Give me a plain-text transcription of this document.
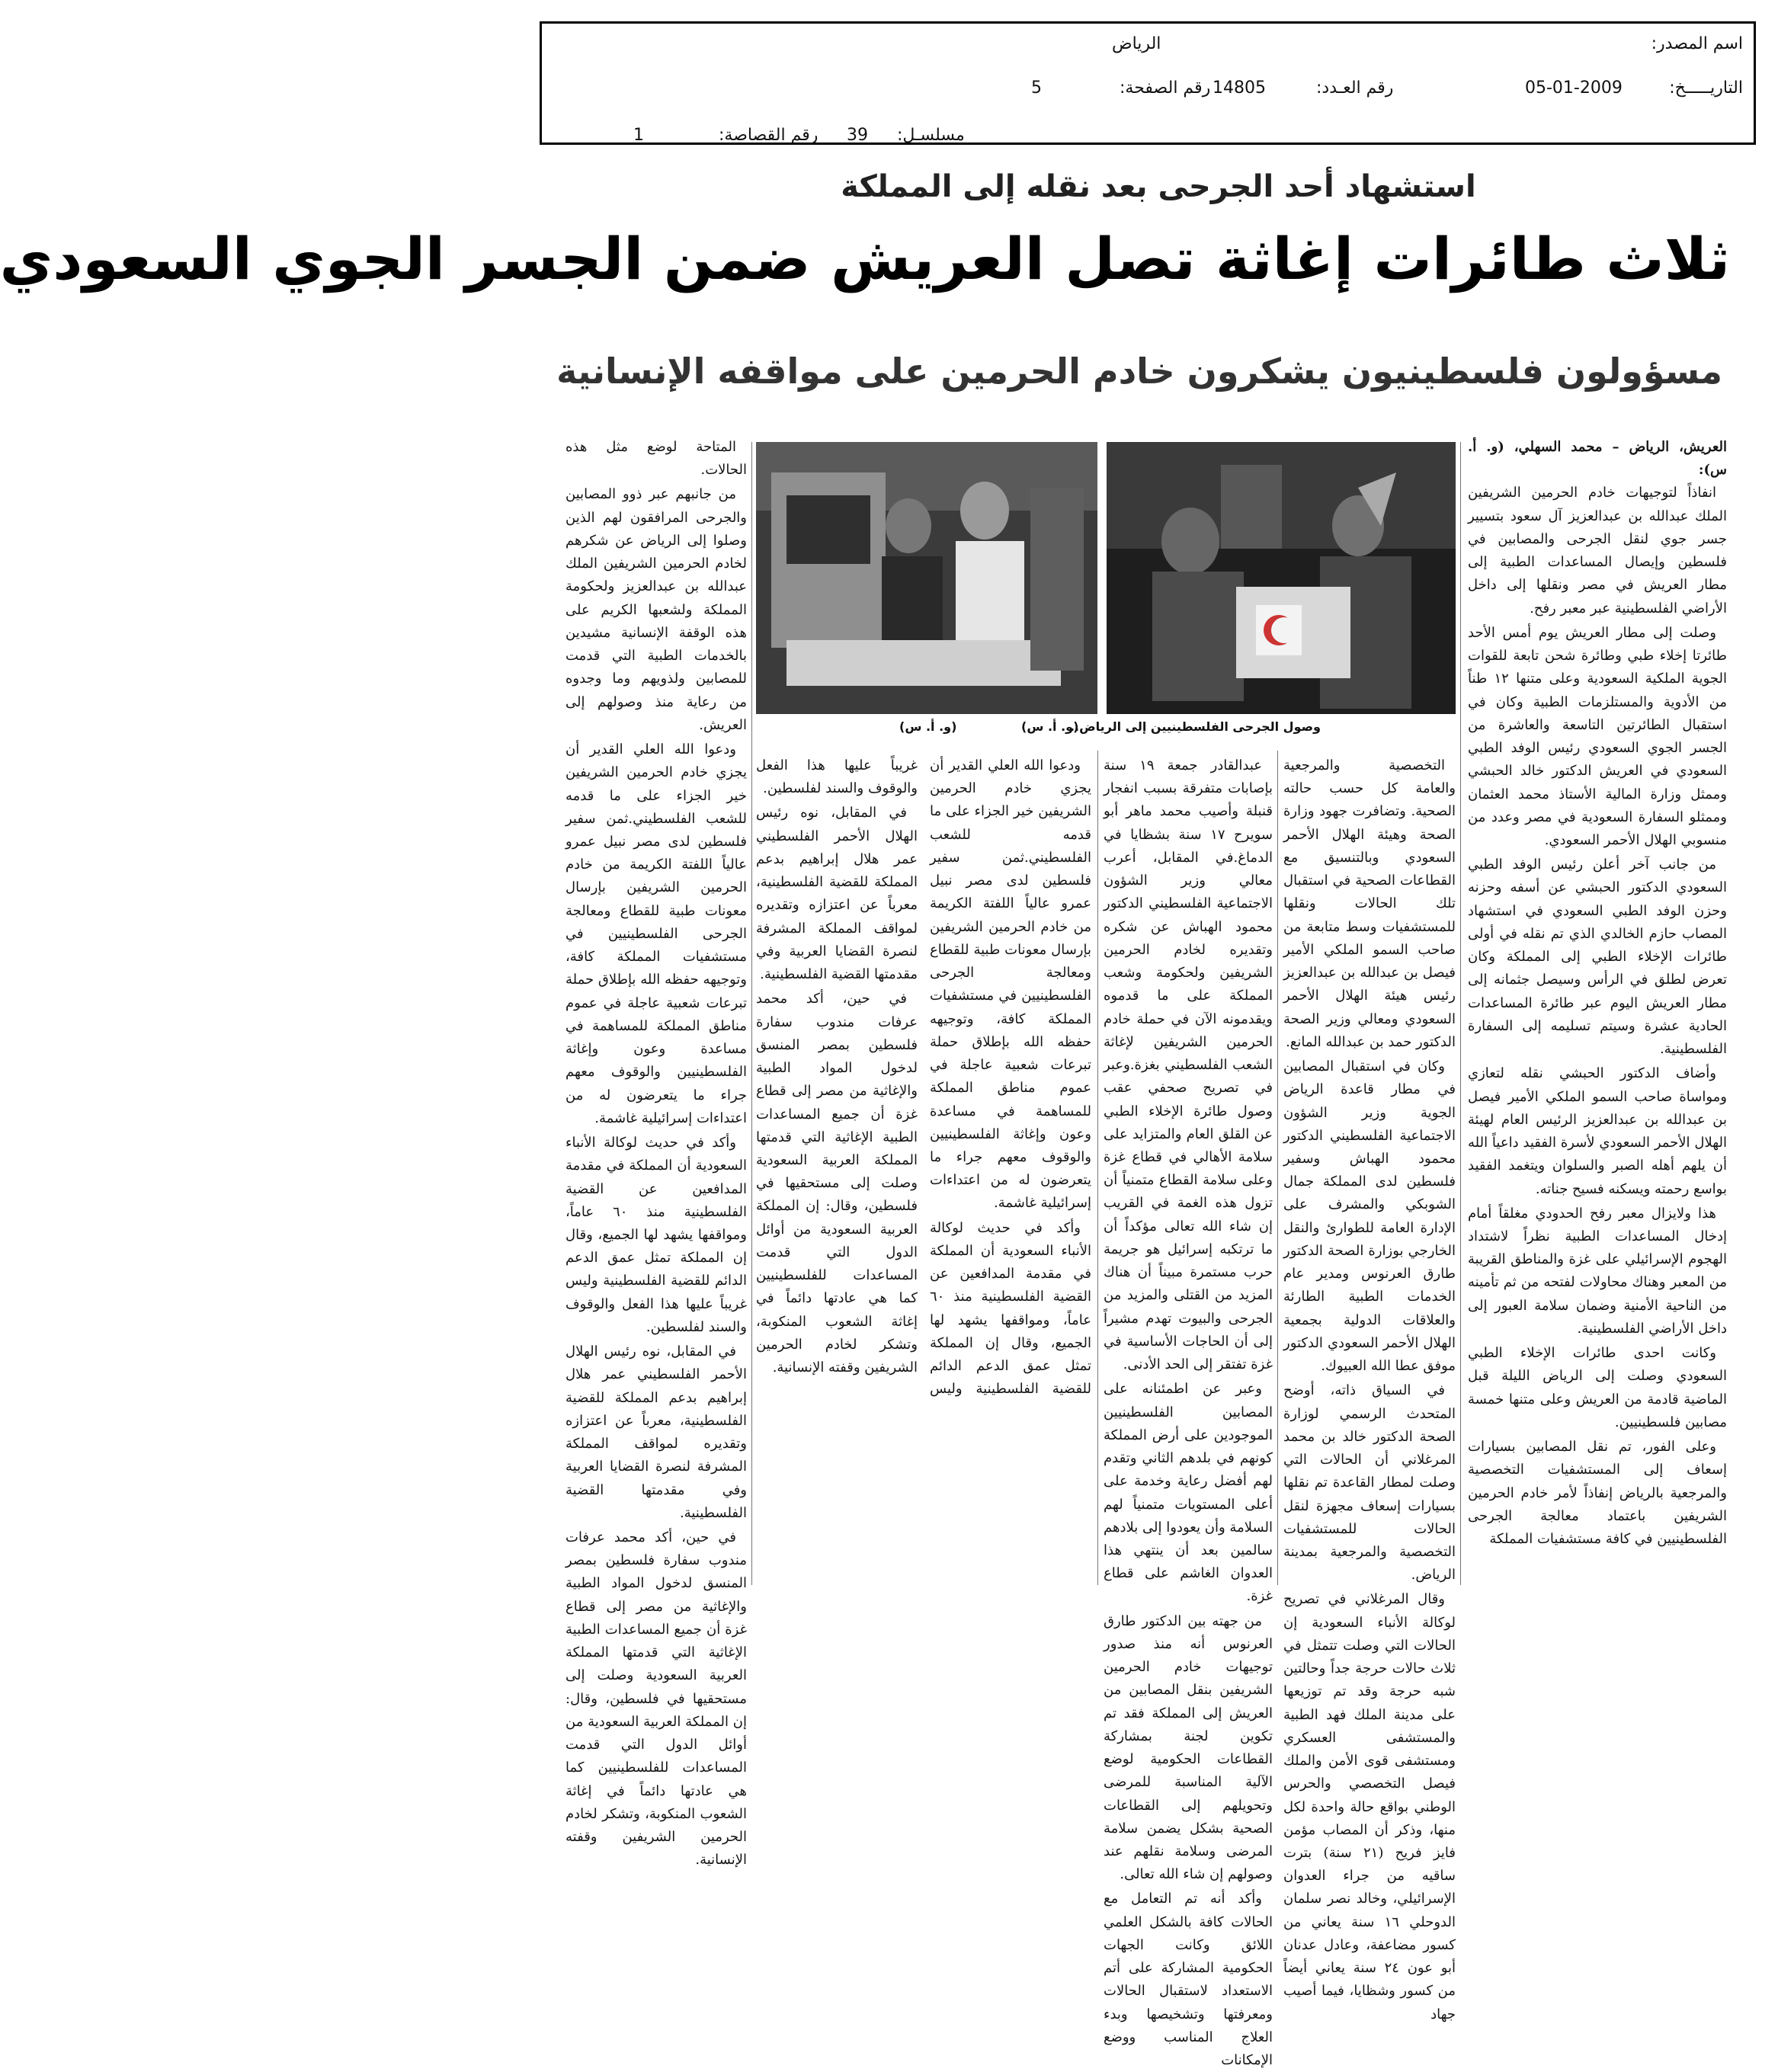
اسم المصدر:
الرياض
التاريـــــخ:
05-01-2009
رقم العـدد:
14805
رقم الصفحة:
5
مسلسـل:
39
رقم القصاصة:
1
استشهاد أحد الجرحى بعد نقله إلى المملكة
ثلاث طائرات إغاثة تصل العريش ضمن الجسر الجوي السعودي
مسؤولون فلسطينيون يشكرون خادم الحرمين على مواقفه الإنسانية
وصول الجرحى الفلسطينيين إلى الرياض..
(و. أ. س)
(و. أ. س)
العريش، الرياض – محمد السهلي، (و. أ. س):

انفاذاً لتوجيهات خادم الحرمين الشريفين الملك عبدالله بن عبدالعزيز آل سعود بتسيير جسر جوي لنقل الجرحى والمصابين في فلسطين وإيصال المساعدات الطبية إلى مطار العريش في مصر ونقلها إلى داخل الأراضي الفلسطينية عبر معبر رفح.

وصلت إلى مطار العريش يوم أمس الأحد طائرتا إخلاء طبي وطائرة شحن تابعة للقوات الجوية الملكية السعودية وعلى متنها ١٢ طناً من الأدوية والمستلزمات الطبية وكان في استقبال الطائرتين التاسعة والعاشرة من الجسر الجوي السعودي رئيس الوفد الطبي السعودي في العريش الدكتور خالد الحبشي وممثل وزارة المالية الأستاذ محمد العثمان وممثلو السفارة السعودية في مصر وعدد من منسوبي الهلال الأحمر السعودي.

من جانب آخر أعلن رئيس الوفد الطبي السعودي الدكتور الحبشي عن أسفه وحزنه وحزن الوفد الطبي السعودي في استشهاد المصاب حازم الخالدي الذي تم نقله في أولى طائرات الإخلاء الطبي إلى المملكة وكان تعرض لطلق في الرأس وسيصل جثمانه إلى مطار العريش اليوم عبر طائرة المساعدات الحادية عشرة وسيتم تسليمه إلى السفارة الفلسطينية.

وأضاف الدكتور الحبشي نقله لتعازي ومواساة صاحب السمو الملكي الأمير فيصل بن عبدالله بن عبدالعزيز الرئيس العام لهيئة الهلال الأحمر السعودي لأسرة الفقيد داعياً الله أن يلهم أهله الصبر والسلوان ويتغمد الفقيد بواسع رحمته ويسكنه فسيح جناته.

هذا ولايزال معبر رفح الحدودي مغلقاً أمام إدخال المساعدات الطبية نظراً لاشتداد الهجوم الإسرائيلي على غزة والمناطق القريبة من المعبر وهناك محاولات لفتحه من ثم تأمينه من الناحية الأمنية وضمان سلامة العبور إلى داخل الأراضي الفلسطينية.

وكانت احدى طائرات الإخلاء الطبي السعودي وصلت إلى الرياض الليلة قبل الماضية قادمة من العريش وعلى متنها خمسة مصابين فلسطينيين.

وعلى الفور، تم نقل المصابين بسيارات إسعاف إلى المستشفيات التخصصية والمرجعية بالرياض إنفاذاً لأمر خادم الحرمين الشريفين باعتماد معالجة الجرحى الفلسطينيين في كافة مستشفيات المملكة

التخصصية والمرجعية والعامة كل حسب حالته الصحية. وتضافرت جهود وزارة الصحة وهيئة الهلال الأحمر السعودي وبالتنسيق مع القطاعات الصحية في استقبال تلك الحالات ونقلها للمستشفيات وسط متابعة من صاحب السمو الملكي الأمير فيصل بن عبدالله بن عبدالعزيز رئيس هيئة الهلال الأحمر السعودي ومعالي وزير الصحة الدكتور حمد بن عبدالله المانع.

وكان في استقبال المصابين في مطار قاعدة الرياض الجوية وزير الشؤون الاجتماعية الفلسطيني الدكتور محمود الهباش وسفير فلسطين لدى المملكة جمال الشوبكي والمشرف على الإدارة العامة للطوارئ والنقل الخارجي بوزارة الصحة الدكتور طارق العرنوس ومدير عام الخدمات الطبية الطارئة والعلاقات الدولية بجمعية الهلال الأحمر السعودي الدكتور موفق عطا الله العبيوك.

في السياق ذاته، أوضح المتحدث الرسمي لوزارة الصحة الدكتور خالد بن محمد المرغلاني أن الحالات التي وصلت لمطار القاعدة تم نقلها بسيارات إسعاف مجهزة لنقل الحالات للمستشفيات التخصصية والمرجعية بمدينة الرياض.

وقال المرغلاني في تصريح لوكالة الأنباء السعودية إن الحالات التي وصلت تتمثل في ثلاث حالات حرجة جداً وحالتين شبه حرجة وقد تم توزيعها على مدينة الملك فهد الطبية والمستشفى العسكري ومستشفى قوى الأمن والملك فيصل التخصصي والحرس الوطني بواقع حالة واحدة لكل منها، وذكر أن المصاب مؤمن فايز فريح (٢١ سنة) بترت ساقيه من جراء العدوان الإسرائيلي، وخالد نصر سلمان الدوحلي ١٦ سنة يعاني من كسور مضاعفة، وعادل عدنان أبو عون ٢٤ سنة يعاني أيضاً من كسور وشظايا، فيما أصيب جهاد

عبدالقادر جمعة ١٩ سنة بإصابات متفرقة بسبب انفجار قنبلة وأصيب محمد ماهر أبو سويرح ١٧ سنة بشظايا في الدماغ.في المقابل، أعرب معالي وزير الشؤون الاجتماعية الفلسطيني الدكتور محمود الهباش عن شكره وتقديره لخادم الحرمين الشريفين ولحكومة وشعب المملكة على ما قدموه ويقدمونه الآن في حملة خادم الحرمين الشريفين لإغاثة الشعب الفلسطيني بغزة.وعبر في تصريح صحفي عقب وصول طائرة الإخلاء الطبي عن القلق العام والمتزايد على سلامة الأهالي في قطاع غزة وعلى سلامة القطاع متمنياً أن تزول هذه الغمة في القريب إن شاء الله تعالى مؤكداً أن ما ترتكبه إسرائيل هو جريمة حرب مستمرة مبيناً أن هناك المزيد من القتلى والمزيد من الجرحى والبيوت تهدم مشيراً إلى أن الحاجات الأساسية في غزة تفتقر إلى الحد الأدنى.

وعبر عن اطمئنانه على المصابين الفلسطينيين الموجودين على أرض المملكة كونهم في بلدهم الثاني وتقدم لهم أفضل رعاية وخدمة على أعلى المستويات متمنياً لهم السلامة وأن يعودوا إلى بلادهم سالمين بعد أن ينتهي هذا العدوان الغاشم على قطاع غزة.

من جهته بين الدكتور طارق العرنوس أنه منذ صدور توجيهات خادم الحرمين الشريفين بنقل المصابين من العريش إلى المملكة فقد تم تكوين لجنة بمشاركة القطاعات الحكومية لوضع الآلية المناسبة للمرضى وتحويلهم إلى القطاعات الصحية بشكل يضمن سلامة المرضى وسلامة نقلهم عند وصولهم إن شاء الله تعالى.

وأكد أنه تم التعامل مع الحالات كافة بالشكل العلمي اللائق وكانت الجهات الحكومية المشاركة على أتم الاستعداد لاستقبال الحالات ومعرفتها وتشخيصها وبدء العلاج المناسب ووضع الإمكانات

المتاحة لوضع مثل هذه الحالات.

من جانبهم عبر ذوو المصابين والجرحى المرافقون لهم الذين وصلوا إلى الرياض عن شكرهم لخادم الحرمين الشريفين الملك عبدالله بن عبدالعزيز ولحكومة المملكة ولشعبها الكريم على هذه الوقفة الإنسانية مشيدين بالخدمات الطبية التي قدمت للمصابين ولذويهم وما وجدوه من رعاية منذ وصولهم إلى العريش.

ودعوا الله العلي القدير أن يجزي خادم الحرمين الشريفين خير الجزاء على ما قدمه للشعب الفلسطيني.ثمن سفير فلسطين لدى مصر نبيل عمرو عالياً اللفتة الكريمة من خادم الحرمين الشريفين بإرسال معونات طبية للقطاع ومعالجة الجرحى الفلسطينيين في مستشفيات المملكة كافة، وتوجيهه حفظه الله بإطلاق حملة تبرعات شعبية عاجلة في عموم مناطق المملكة للمساهمة في مساعدة وعون وإغاثة الفلسطينيين والوقوف معهم جراء ما يتعرضون له من اعتداءات إسرائيلية غاشمة.

وأكد في حديث لوكالة الأنباء السعودية أن المملكة في مقدمة المدافعين عن القضية الفلسطينية منذ ٦٠ عاماً، ومواقفها يشهد لها الجميع، وقال إن المملكة تمثل عمق الدعم الدائم للقضية الفلسطينية وليس غريباً عليها هذا الفعل والوقوف والسند لفلسطين.

في المقابل، نوه رئيس الهلال الأحمر الفلسطيني عمر هلال إبراهيم بدعم المملكة للقضية الفلسطينية، معرباً عن اعتزازه وتقديره لمواقف المملكة المشرفة لنصرة القضايا العربية وفي مقدمتها القضية الفلسطينية.

في حين، أكد محمد عرفات مندوب سفارة فلسطين بمصر المنسق لدخول المواد الطبية والإغاثية من مصر إلى قطاع غزة أن جميع المساعدات الطبية الإغاثية التي قدمتها المملكة العربية السعودية وصلت إلى مستحقيها في فلسطين، وقال: إن المملكة العربية السعودية من أوائل الدول التي قدمت المساعدات للفلسطينيين كما هي عادتها دائماً في إغاثة الشعوب المنكوبة، وتشكر لخادم الحرمين الشريفين وقفته الإنسانية.

ودعوا الله العلي القدير أن يجزي خادم الحرمين الشريفين خير الجزاء على ما قدمه للشعب الفلسطيني.ثمن سفير فلسطين لدى مصر نبيل عمرو عالياً اللفتة الكريمة من خادم الحرمين الشريفين بإرسال معونات طبية للقطاع ومعالجة الجرحى الفلسطينيين في مستشفيات المملكة كافة، وتوجيهه حفظه الله بإطلاق حملة تبرعات شعبية عاجلة في عموم مناطق المملكة للمساهمة في مساعدة وعون وإغاثة الفلسطينيين والوقوف معهم جراء ما يتعرضون له من اعتداءات إسرائيلية غاشمة.

وأكد في حديث لوكالة الأنباء السعودية أن المملكة في مقدمة المدافعين عن القضية الفلسطينية منذ ٦٠ عاماً، ومواقفها يشهد لها الجميع، وقال إن المملكة تمثل عمق الدعم الدائم للقضية الفلسطينية وليس غريباً عليها هذا الفعل والوقوف والسند لفلسطين.

في المقابل، نوه رئيس الهلال الأحمر الفلسطيني عمر هلال إبراهيم بدعم المملكة للقضية الفلسطينية، معرباً عن اعتزازه وتقديره لمواقف المملكة المشرفة لنصرة القضايا العربية وفي مقدمتها القضية الفلسطينية.

في حين، أكد محمد عرفات مندوب سفارة فلسطين بمصر المنسق لدخول المواد الطبية والإغاثية من مصر إلى قطاع غزة أن جميع المساعدات الطبية الإغاثية التي قدمتها المملكة العربية السعودية وصلت إلى مستحقيها في فلسطين، وقال: إن المملكة العربية السعودية من أوائل الدول التي قدمت المساعدات للفلسطينيين كما هي عادتها دائماً في إغاثة الشعوب المنكوبة، وتشكر لخادم الحرمين الشريفين وقفته الإنسانية.
